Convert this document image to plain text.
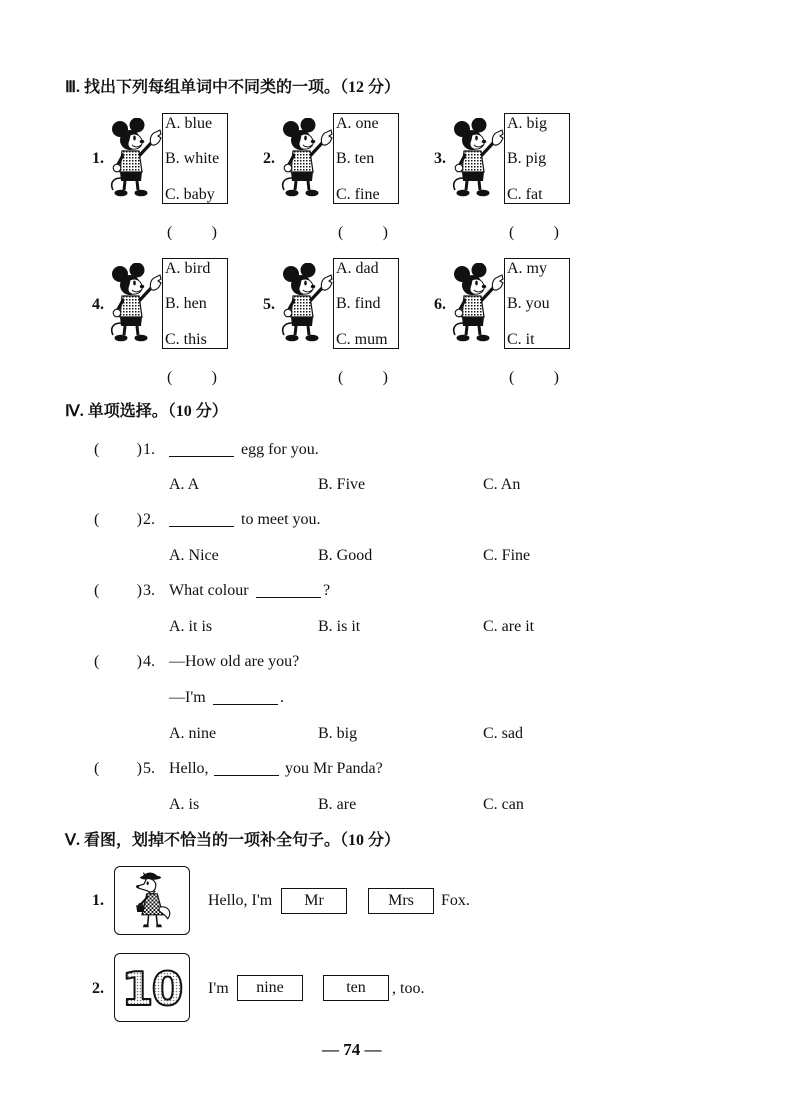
Ⅲ. 找出下列每组单词中不同类的一项。（12 分）
1.
A. blue
B. white
C. baby
( )
2.
A. one
B. ten
C. fine
( )
3.
A. big
B. pig
C. fat
( )
4.
A. bird
B. hen
C. this
( )
5.
A. dad
B. find
C. mum
( )
6.
A. my
B. you
C. it
( )
Ⅳ. 单项选择。（10 分）
( ) 1.	egg for you.
A. A	B. Five	C. An
( ) 2.	to meet you.
A. Nice	B. Good	C. Fine
( ) 3. What colour	?
A. it is	B. is it	C. are it
( ) 4. —How old are you?
—I'm	.
A. nine	B. big	C. sad
( ) 5. Hello,	you Mr Panda?
A. is	B. are	C. can
Ⅴ. 看图，划掉不恰当的一项补全句子。（10 分）
1.	Hello, I'm	Mr	Mrs	Fox.
2. 10 I'm	nine	ten	, too.
— 74 —
